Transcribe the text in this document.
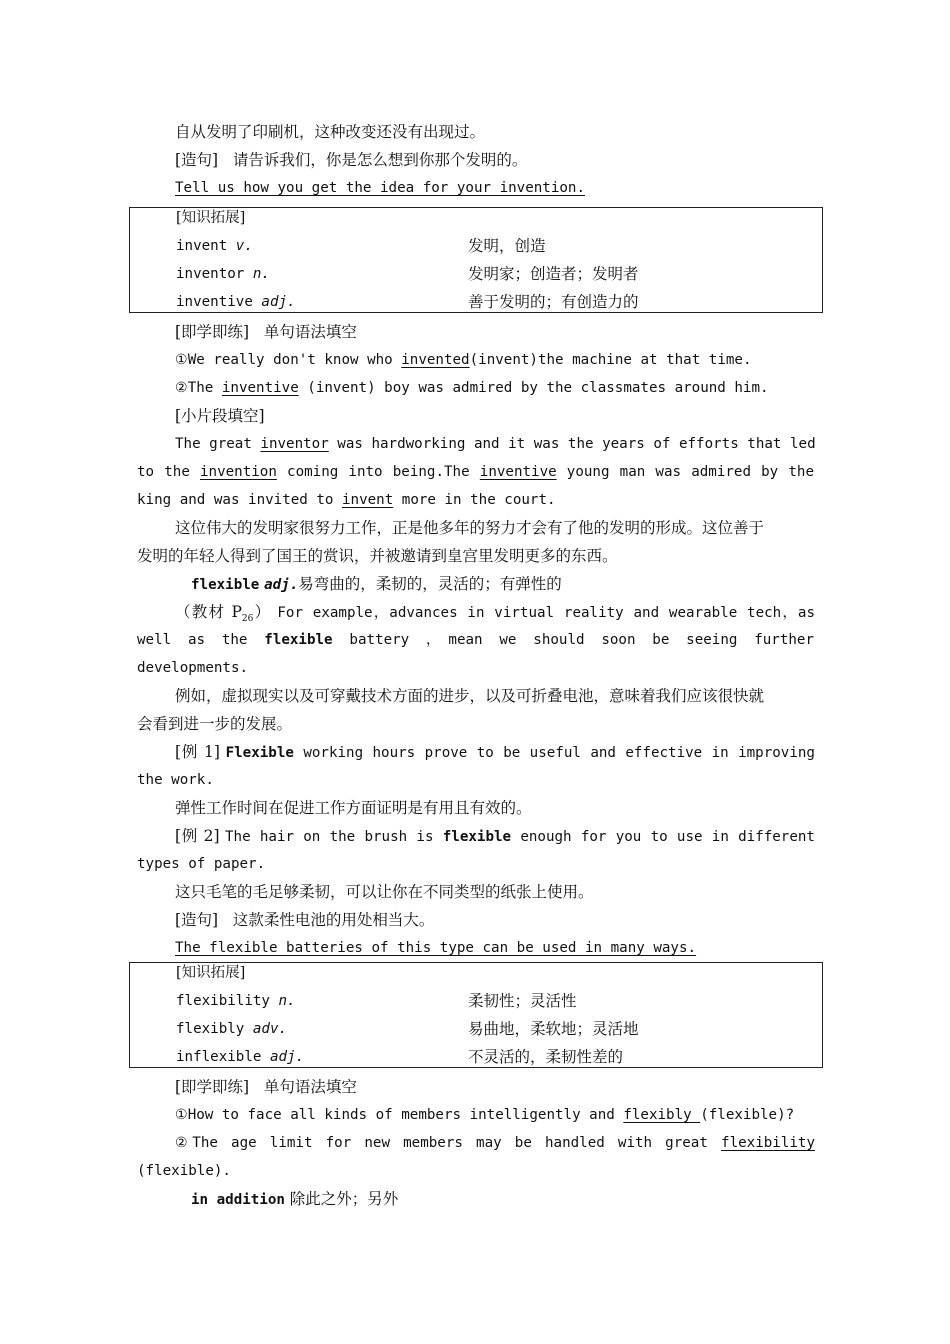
自从发明了印刷机，这种改变还没有出现过。
[造句] 请告诉我们，你是怎么想到你那个发明的。
Tell us how you get the idea for your invention.
[知识拓展]
invent v.	发明，创造
inventor n.	发明家；创造者；发明者
inventive adj.	善于发明的；有创造力的
[即学即练] 单句语法填空
①We really don't know who invented(invent)the machine at that time.
②The inventive (invent) boy was admired by the classmates around him.
[小片段填空]
The great inventor was hardworking and it was the years of efforts that led
to the invention coming into being.The inventive young man was admired by the
king and was invited to invent more in the court.
这位伟大的发明家很努力工作，正是他多年的努力才会有了他的发明的形成。这位善于
发明的年轻人得到了国王的赏识，并被邀请到皇宫里发明更多的东西。
flexible adj.易弯曲的，柔韧的，灵活的；有弹性的
（教材 $P_{26}$） For example，advances in virtual reality and wearable tech，as
well as the flexible battery ，mean we should soon be seeing further
developments.
例如，虚拟现实以及可穿戴技术方面的进步，以及可折叠电池，意味着我们应该很快就
会看到进一步的发展。
[例 1] Flexible working hours prove to be useful and effective in improving
the work.
弹性工作时间在促进工作方面证明是有用且有效的。
[例 2] The hair on the brush is flexible enough for you to use in different
types of paper.
这只毛笔的毛足够柔韧，可以让你在不同类型的纸张上使用。
[造句] 这款柔性电池的用处相当大。
The flexible batteries of this type can be used in many ways.
[知识拓展]
flexibility n.	柔韧性；灵活性
flexibly adv.	易曲地，柔软地；灵活地
inflexible adj.	不灵活的，柔韧性差的
[即学即练] 单句语法填空
①How to face all kinds of members intelligently and flexibly (flexible)?
②The age limit for new members may be handled with great flexibility
(flexible).
in addition 除此之外；另外
